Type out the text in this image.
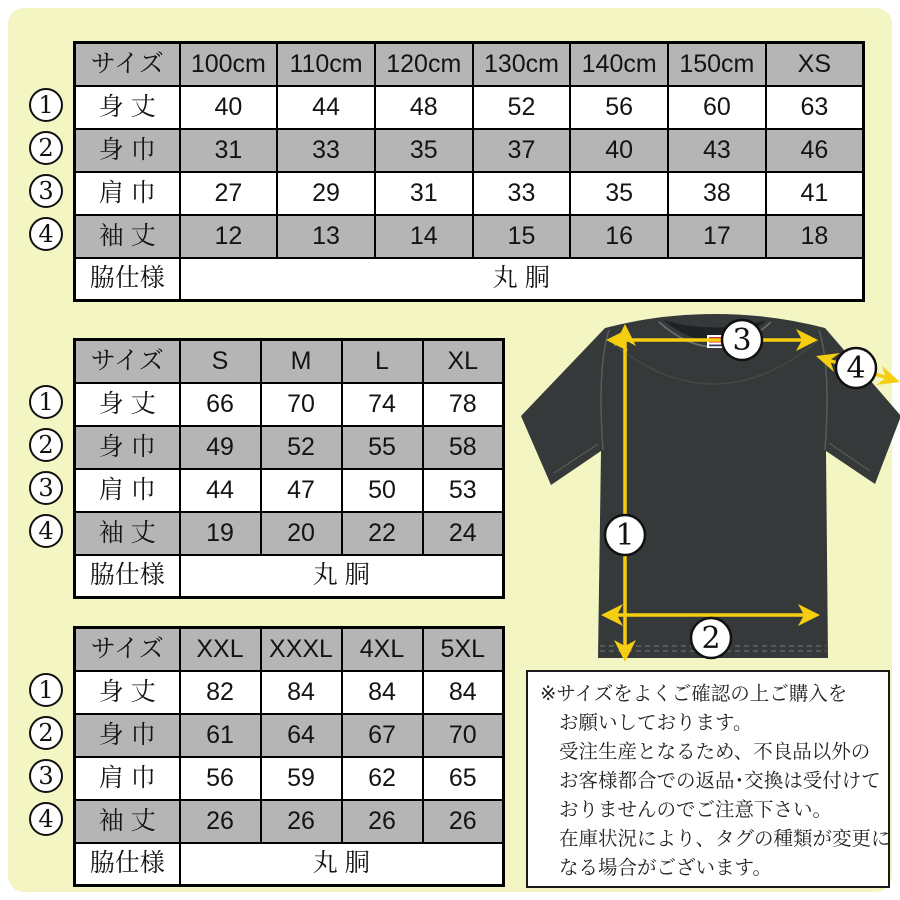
1
2
3
4
サイズ	100cm	110cm	120cm	130cm	140cm	150cm	XS
身 丈	40	44	48	52	56	60	63
身 巾	31	33	35	37	40	43	46
肩 巾	27	29	31	33	35	38	41
袖 丈	12	13	14	15	16	17	18
脇仕様	丸 胴						
1
2
3
4
サイズ	S	M	L	XL
身 丈	66	70	74	78
身 巾	49	52	55	58
肩 巾	44	47	50	53
袖 丈	19	20	22	24
脇仕様	丸 胴			
1
2
3
4
サイズ	XXL	XXXL	4XL	5XL
身 丈	82	84	84	84
身 巾	61	64	67	70
肩 巾	56	59	62	65
袖 丈	26	26	26	26
脇仕様	丸 胴			
3
4
1
2
※サイズをよくご確認の上ご購入を
お願いしております。
受注生産となるため、不良品以外の
お客様都合での返品･交換は受付けて
おりませんのでご注意下さい。
在庫状況により、タグの種類が変更に
なる場合がございます。
